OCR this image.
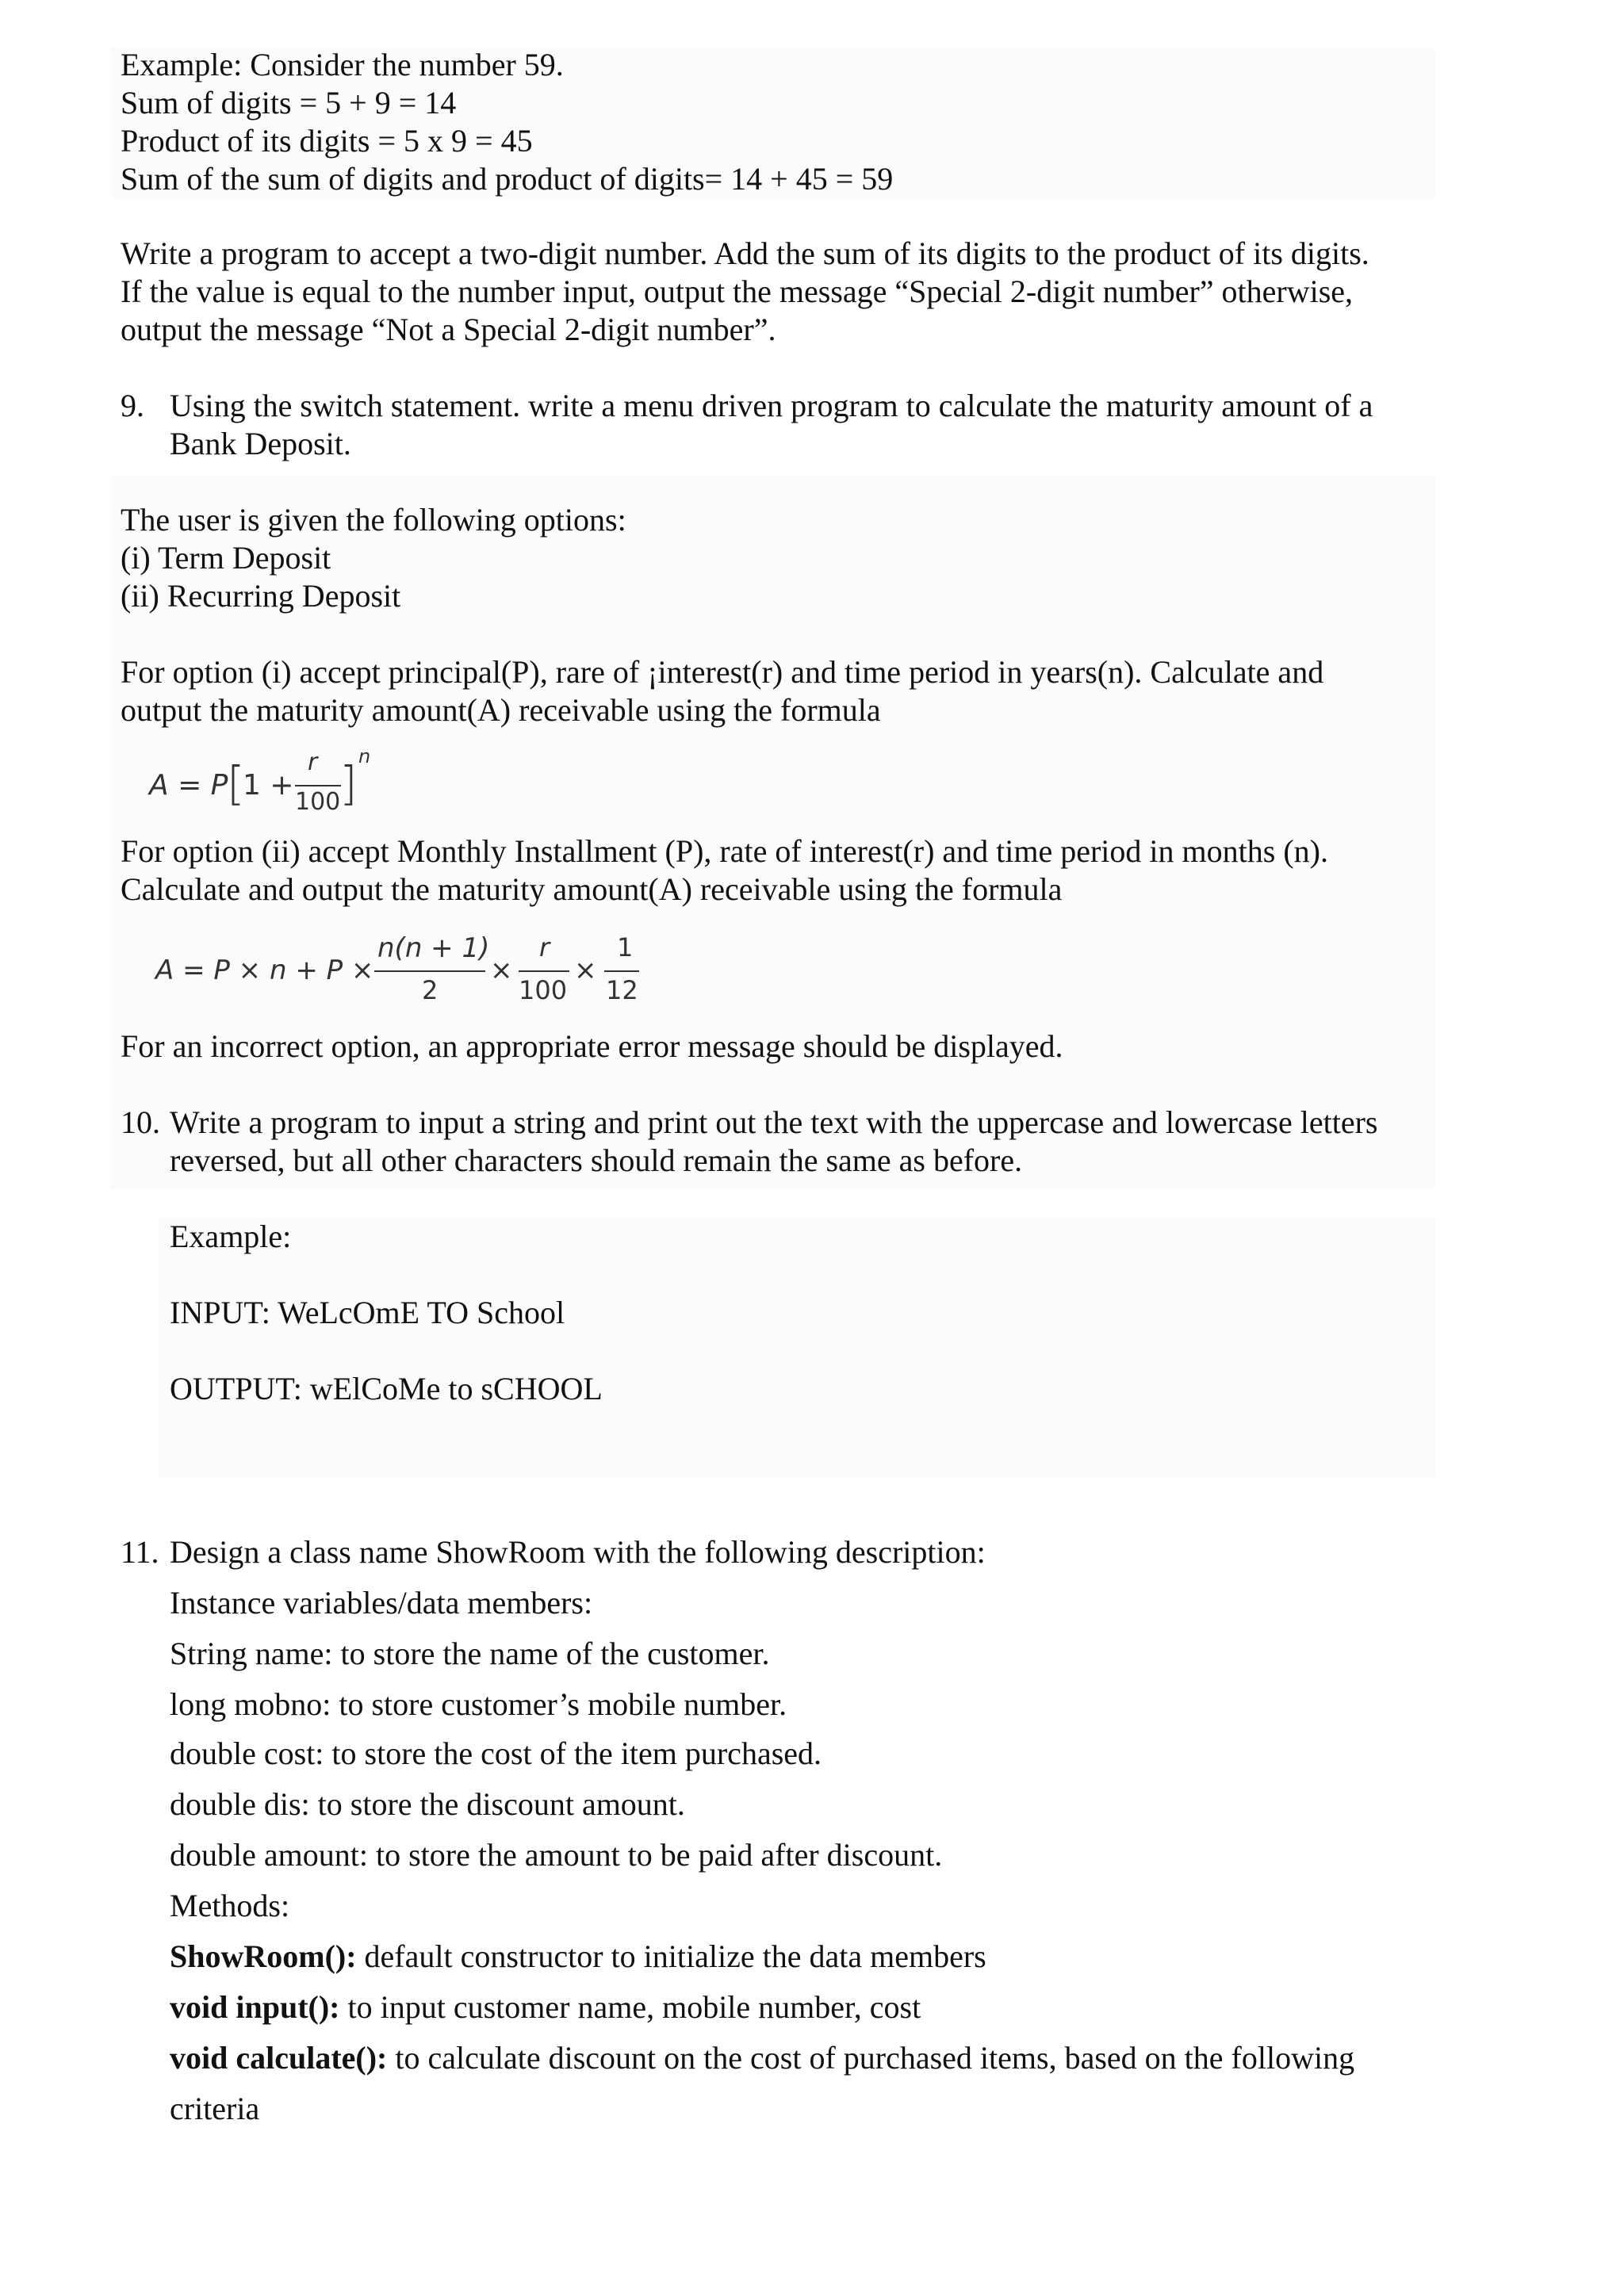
Example: Consider the number 59.
Sum of digits = 5 + 9 = 14
Product of its digits = 5 x 9 = 45
Sum of the sum of digits and product of digits= 14 + 45 = 59
Write a program to accept a two-digit number. Add the sum of its digits to the product of its digits.
If the value is equal to the number input, output the message “Special 2-digit number” otherwise,
output the message “Not a Special 2-digit number”.
9. Using the switch statement. write a menu driven program to calculate the maturity amount of a
Bank Deposit.
The user is given the following options:
(i) Term Deposit
(ii) Recurring Deposit
For option (i) accept principal(P), rare of ¡interest(r) and time period in years(n). Calculate and
output the maturity amount(A) receivable using the formula
A = P
[
1 +
r
100
] n
For option (ii) accept Monthly Installment (P), rate of interest(r) and time period in months (n).
Calculate and output the maturity amount(A) receivable using the formula
A = P × n + P ×
n(n + 1)
2
×
r
100
×
1
12
For an incorrect option, an appropriate error message should be displayed.
10. Write a program to input a string and print out the text with the uppercase and lowercase letters
reversed, but all other characters should remain the same as before.
Example:
INPUT: WeLcOmE TO School
OUTPUT: wElCoMe to sCHOOL
11. Design a class name ShowRoom with the following description:
Instance variables/data members:
String name: to store the name of the customer.
long mobno: to store customer’s mobile number.
double cost: to store the cost of the item purchased.
double dis: to store the discount amount.
double amount: to store the amount to be paid after discount.
Methods:
ShowRoom(): default constructor to initialize the data members
void input(): to input customer name, mobile number, cost
void calculate(): to calculate discount on the cost of purchased items, based on the following
criteria
